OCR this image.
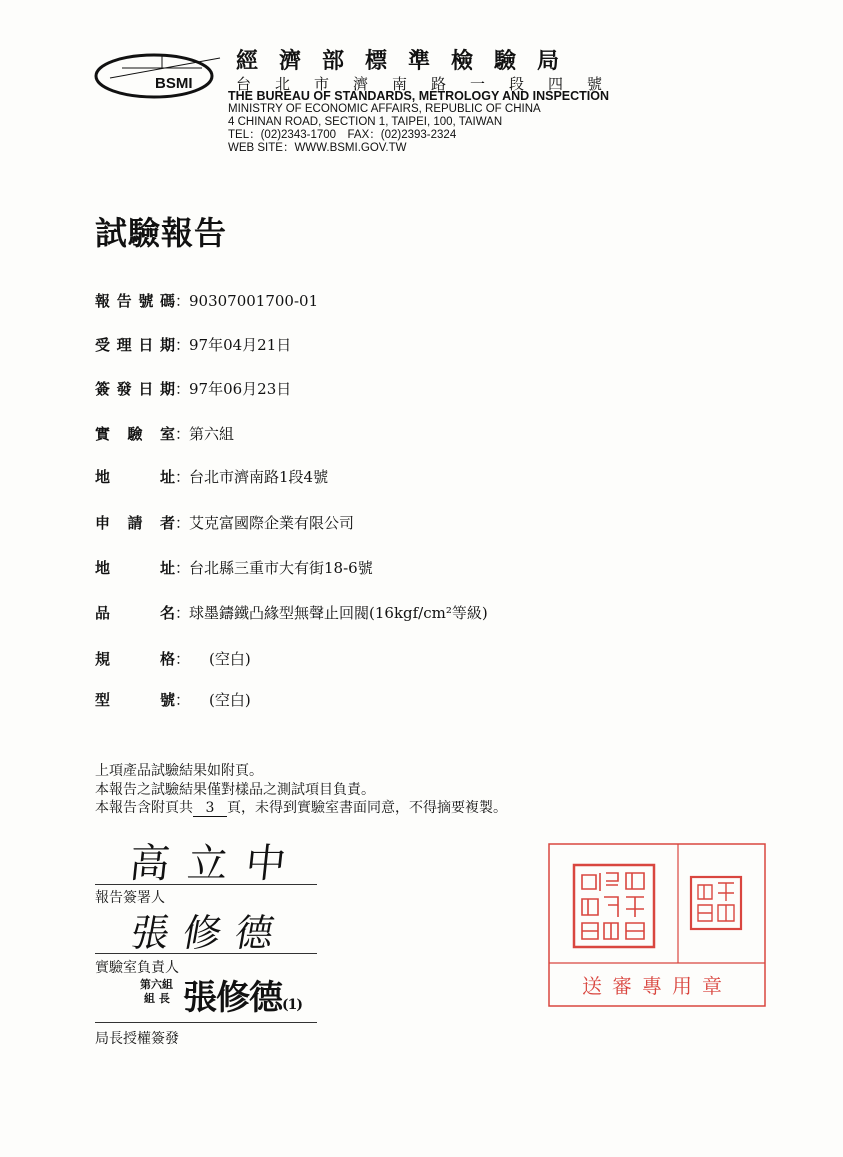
BSMI
經濟部標準檢驗局
台北市濟南路一段四號
THE BUREAU OF STANDARDS, METROLOGY AND INSPECTION
MINISTRY OF ECONOMIC AFFAIRS, REPUBLIC OF CHINA
4 CHINAN ROAD, SECTION 1, TAIPEI, 100, TAIWAN
TEL：(02)2343-1700　FAX：(02)2393-2324
WEB SITE：WWW.BSMI.GOV.TW
試驗報告
報告號碼：90307001700-01
受理日期：97年04月21日
簽發日期：97年06月23日
實驗室：第六組
地址：台北市濟南路1段4號
申請者：艾克富國際企業有限公司
地址：台北縣三重市大有街18-6號
品名：球墨鑄鐵凸緣型無聲止回閥(16kgf/cm²等級)
規格： (空白)
型號： (空白)
上項產品試驗結果如附頁。
本報告之試驗結果僅對樣品之測試項目負責。
本報告含附頁共 3 頁，未得到實驗室書面同意，不得摘要複製。
高立中
報告簽署人
張修德
實驗室負責人
第六組
組 長 張修德(1)
局長授權簽發
送審專用章
